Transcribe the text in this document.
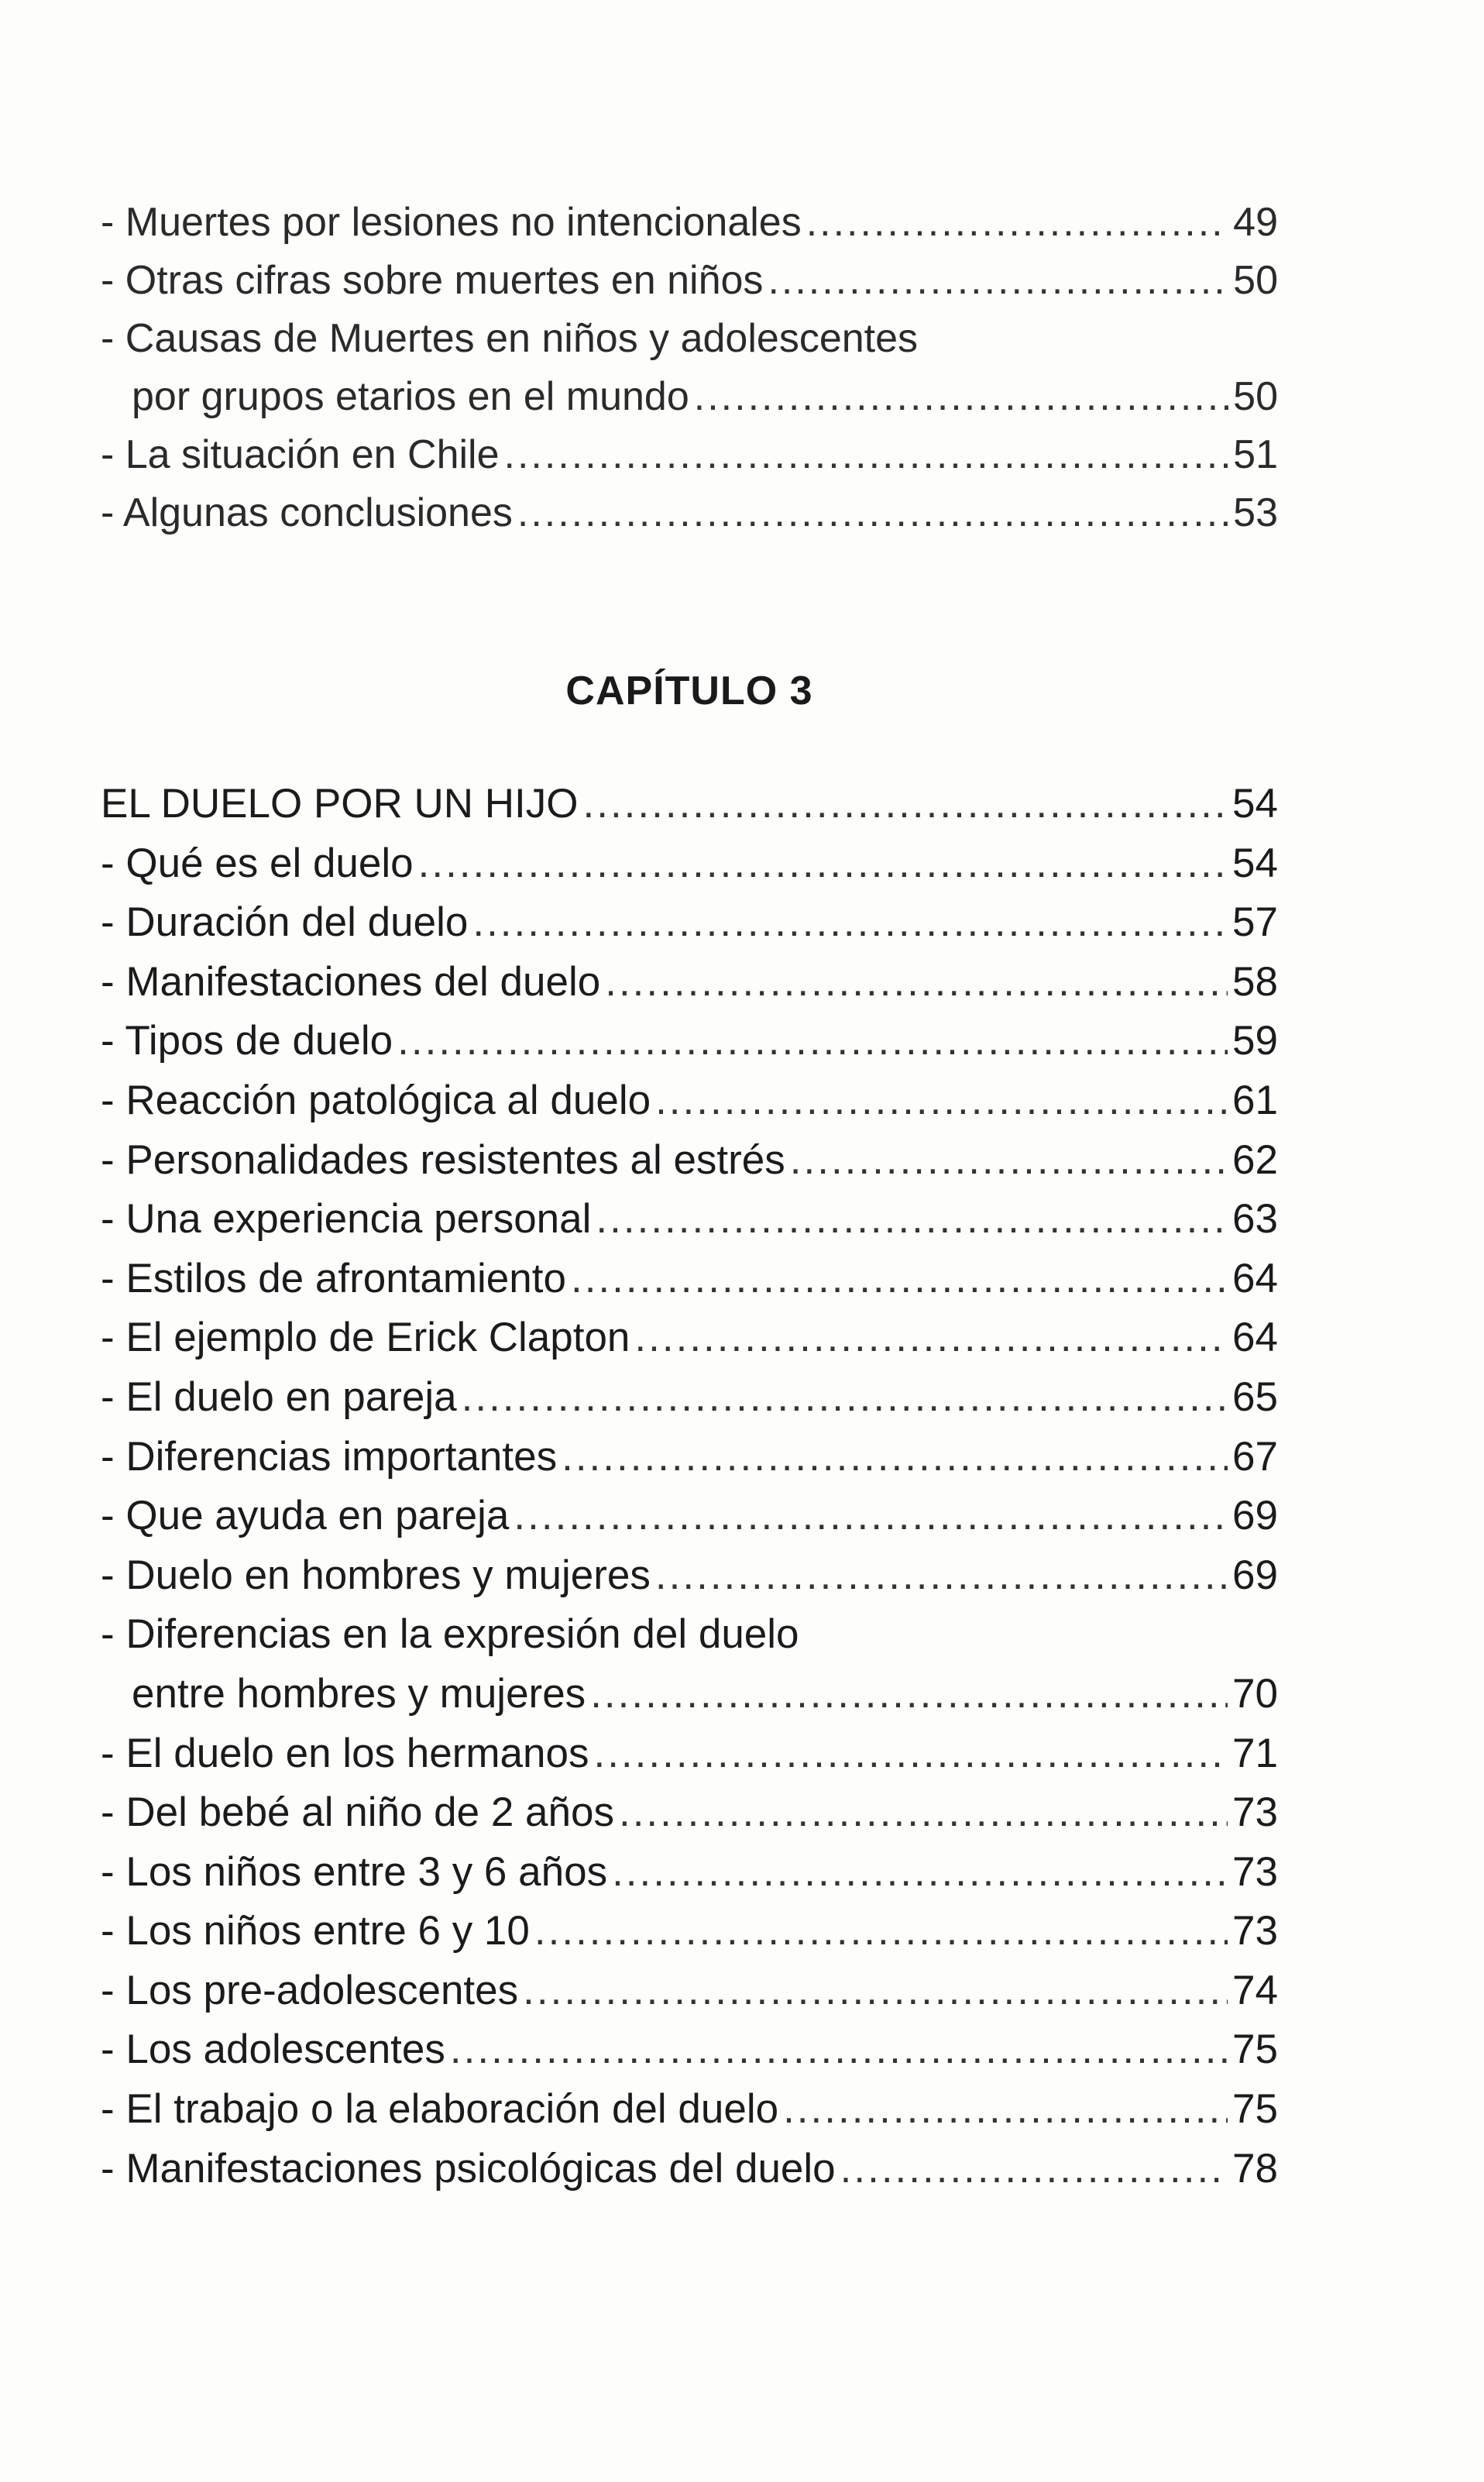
- Muertes por lesiones no intencionales .....	49
- Otras cifras sobre muertes en niños .....	50
- Causas de Muertes en niños y adolescentes
por grupos etarios en el mundo .....	50
- La situación en Chile .....	51
- Algunas conclusiones .....	53
CAPÍTULO 3
EL DUELO POR UN HIJO .....	54
- Qué es el duelo .....	54
- Duración del duelo .....	57
- Manifestaciones del duelo .....	58
- Tipos de duelo .....	59
- Reacción patológica al duelo .....	61
- Personalidades resistentes al estrés .....	62
- Una experiencia personal .....	63
- Estilos de afrontamiento .....	64
- El ejemplo de Erick Clapton .....	64
- El duelo en pareja .....	65
- Diferencias importantes .....	67
- Que ayuda en pareja .....	69
- Duelo en hombres y mujeres .....	69
- Diferencias en la expresión del duelo
entre hombres y mujeres .....	70
- El duelo en los hermanos .....	71
- Del bebé al niño de 2 años .....	73
- Los niños entre 3 y 6 años .....	73
- Los niños entre 6 y 10 .....	73
- Los pre-adolescentes .....	74
- Los adolescentes .....	75
- El trabajo o la elaboración del duelo .....	75
- Manifestaciones psicológicas del duelo .....	78
